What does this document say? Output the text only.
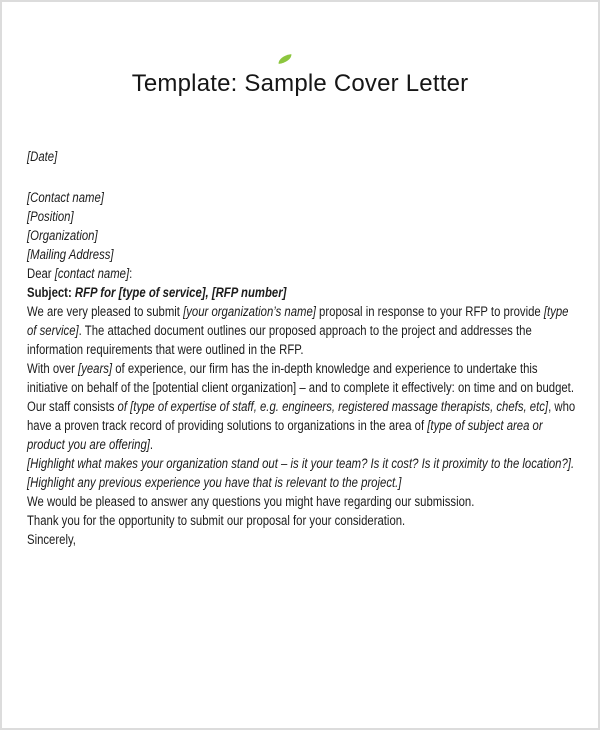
Template: Sample Cover Letter

[Date]

[Contact name]

[Position]

[Organization]

[Mailing Address]

Dear [contact name]:

Subject: RFP for [type of service], [RFP number]

We are very pleased to submit [your organization’s name] proposal in response to your RFP to provide [type of service]. The attached document outlines our proposed approach to the project and addresses the information requirements that were outlined in the RFP.

With over [years] of experience, our firm has the in-depth knowledge and experience to undertake this initiative on behalf of the [potential client organization] – and to complete it effectively: on time and on budget. Our staff consists of [type of expertise of staff, e.g. engineers, registered massage therapists, chefs, etc], who have a proven track record of providing solutions to organizations in the area of [type of subject area or product you are offering].

[Highlight what makes your organization stand out – is it your team? Is it cost? Is it proximity to the location?]. [Highlight any previous experience you have that is relevant to the project.]

We would be pleased to answer any questions you might have regarding our submission.

Thank you for the opportunity to submit our proposal for your consideration.

Sincerely,
